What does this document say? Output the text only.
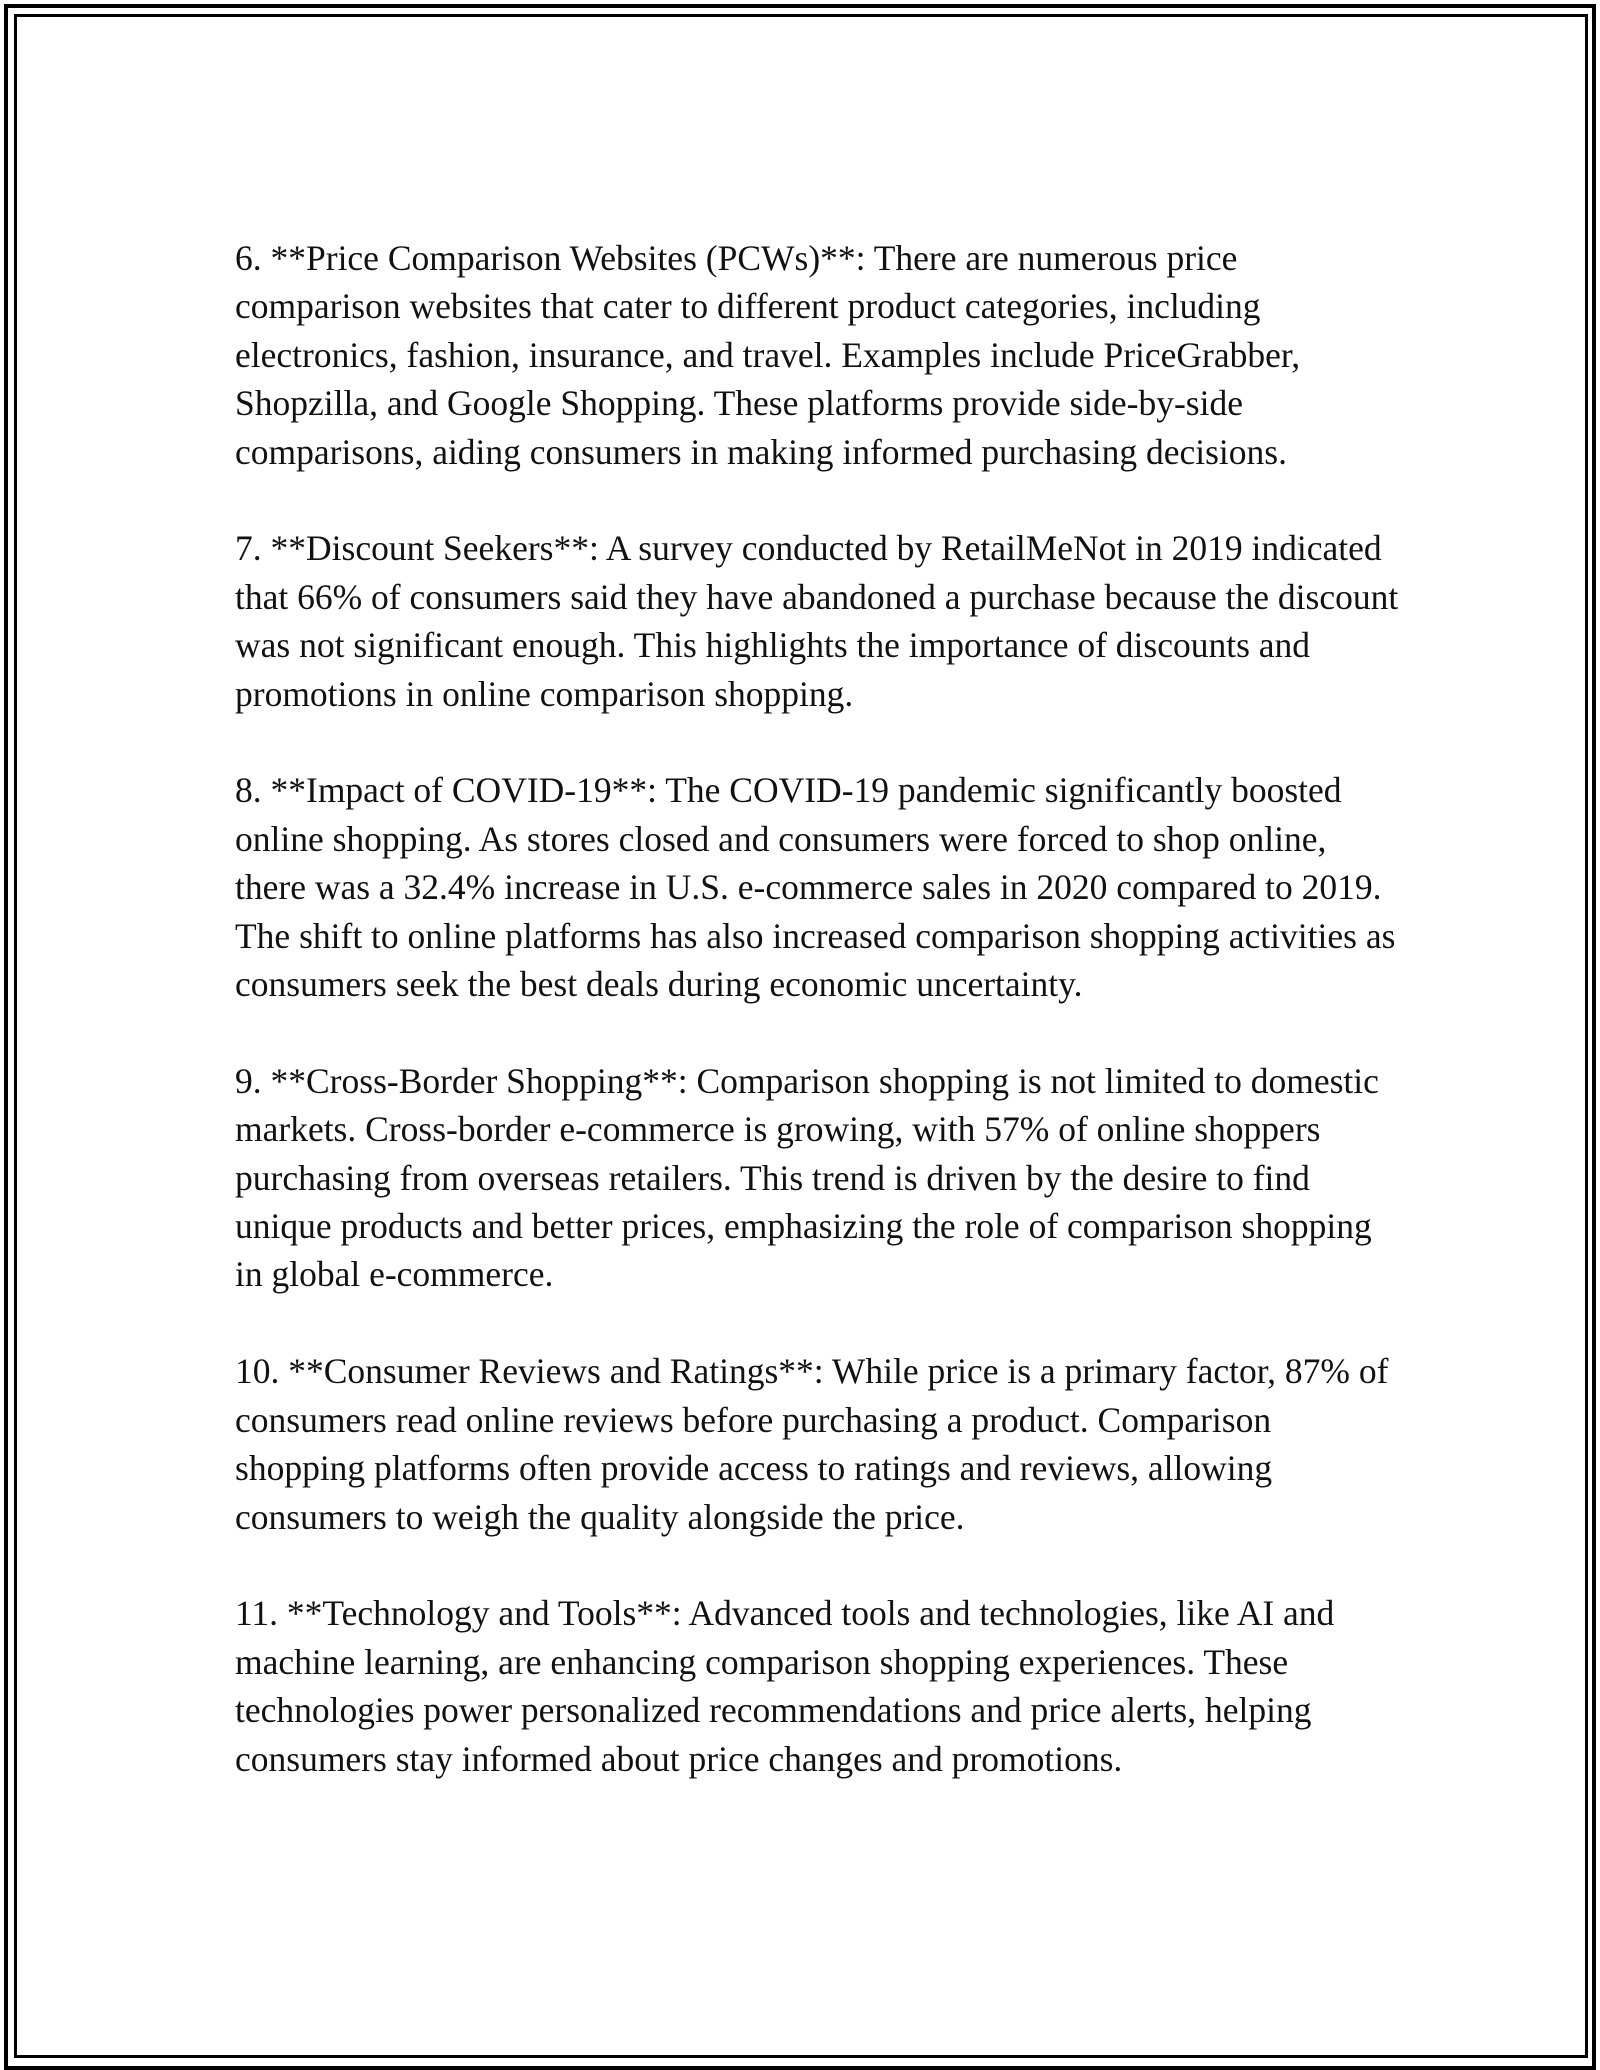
6. **Price Comparison Websites (PCWs)**: There are numerous price comparison websites that cater to different product categories, including electronics, fashion, insurance, and travel. Examples include PriceGrabber, Shopzilla, and Google Shopping. These platforms provide side-by-side comparisons, aiding consumers in making informed purchasing decisions.

7. **Discount Seekers**: A survey conducted by RetailMeNot in 2019 indicated that 66% of consumers said they have abandoned a purchase because the discount was not significant enough. This highlights the importance of discounts and promotions in online comparison shopping.

8. **Impact of COVID-19**: The COVID-19 pandemic significantly boosted online shopping. As stores closed and consumers were forced to shop online, there was a 32.4% increase in U.S. e-commerce sales in 2020 compared to 2019. The shift to online platforms has also increased comparison shopping activities as consumers seek the best deals during economic uncertainty.

9. **Cross-Border Shopping**: Comparison shopping is not limited to domestic markets. Cross-border e-commerce is growing, with 57% of online shoppers purchasing from overseas retailers. This trend is driven by the desire to find unique products and better prices, emphasizing the role of comparison shopping in global e-commerce.

10. **Consumer Reviews and Ratings**: While price is a primary factor, 87% of consumers read online reviews before purchasing a product. Comparison shopping platforms often provide access to ratings and reviews, allowing consumers to weigh the quality alongside the price.

11. **Technology and Tools**: Advanced tools and technologies, like AI and machine learning, are enhancing comparison shopping experiences. These technologies power personalized recommendations and price alerts, helping consumers stay informed about price changes and promotions.
